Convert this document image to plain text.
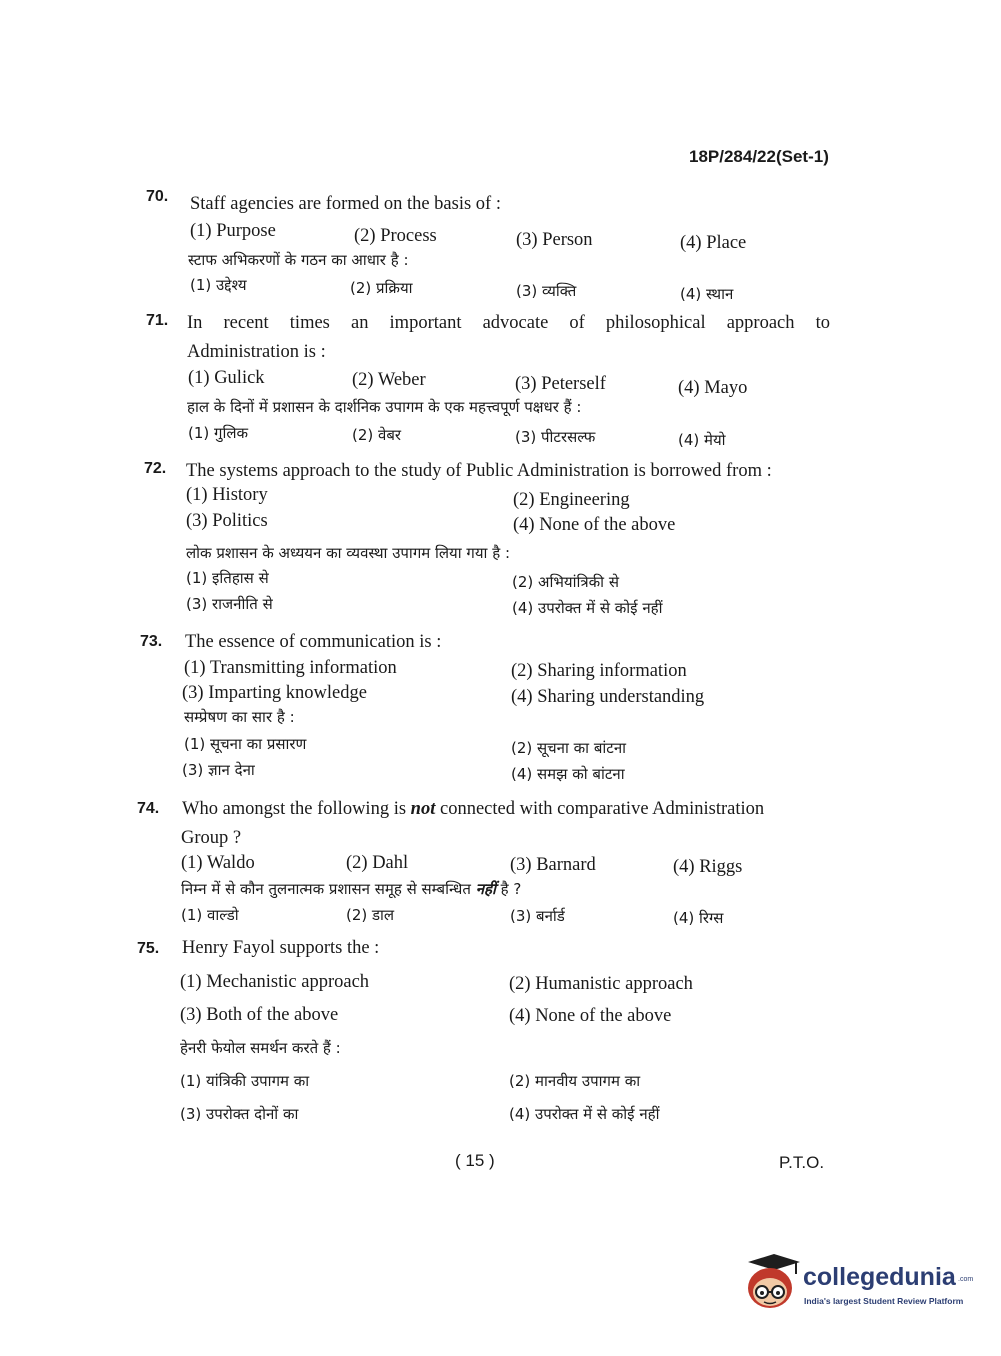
18P/284/22(Set-1)
70. Staff agencies are formed on the basis of :
(1) Purpose	(2) Process	(3) Person	(4) Place
स्टाफ अभिकरणों के गठन का आधार है :
(1) उद्देश्य	(2) प्रक्रिया	(3) व्यक्ति	(4) स्थान
71. In recent times an important advocate of philosophical approach to
Administration is :
(1) Gulick	(2) Weber	(3) Peterself	(4) Mayo
हाल के दिनों में प्रशासन के दार्शनिक उपागम के एक महत्त्वपूर्ण पक्षधर हैं :
(1) गुलिक	(2) वेबर	(3) पीटरसल्फ	(4) मेयो
72. The systems approach to the study of Public Administration is borrowed from :
(1) History	(2) Engineering
(3) Politics	(4) None of the above
लोक प्रशासन के अध्ययन का व्यवस्था उपागम लिया गया है :
(1) इतिहास से	(2) अभियांत्रिकी से
(3) राजनीति से	(4) उपरोक्त में से कोई नहीं
73. The essence of communication is :
(1) Transmitting information	(2) Sharing information
(3) Imparting knowledge	(4) Sharing understanding
सम्प्रेषण का सार है :
(1) सूचना का प्रसारण	(2) सूचना का बांटना
(3) ज्ञान देना	(4) समझ को बांटना
74. Who amongst the following is not connected with comparative Administration
Group ?
(1) Waldo	(2) Dahl	(3) Barnard	(4) Riggs
निम्न में से कौन तुलनात्मक प्रशासन समूह से सम्बन्धित नहीं है ?
(1) वाल्डो	(2) डाल	(3) बर्नार्ड	(4) रिग्स
75. Henry Fayol supports the :
(1) Mechanistic approach	(2) Humanistic approach
(3) Both of the above	(4) None of the above
हेनरी फेयोल समर्थन करते हैं :
(1) यांत्रिकी उपागम का	(2) मानवीय उपागम का
(3) उपरोक्त दोनों का	(4) उपरोक्त में से कोई नहीं
( 15 )	P.T.O.
collegedunia .com
India's largest Student Review Platform
